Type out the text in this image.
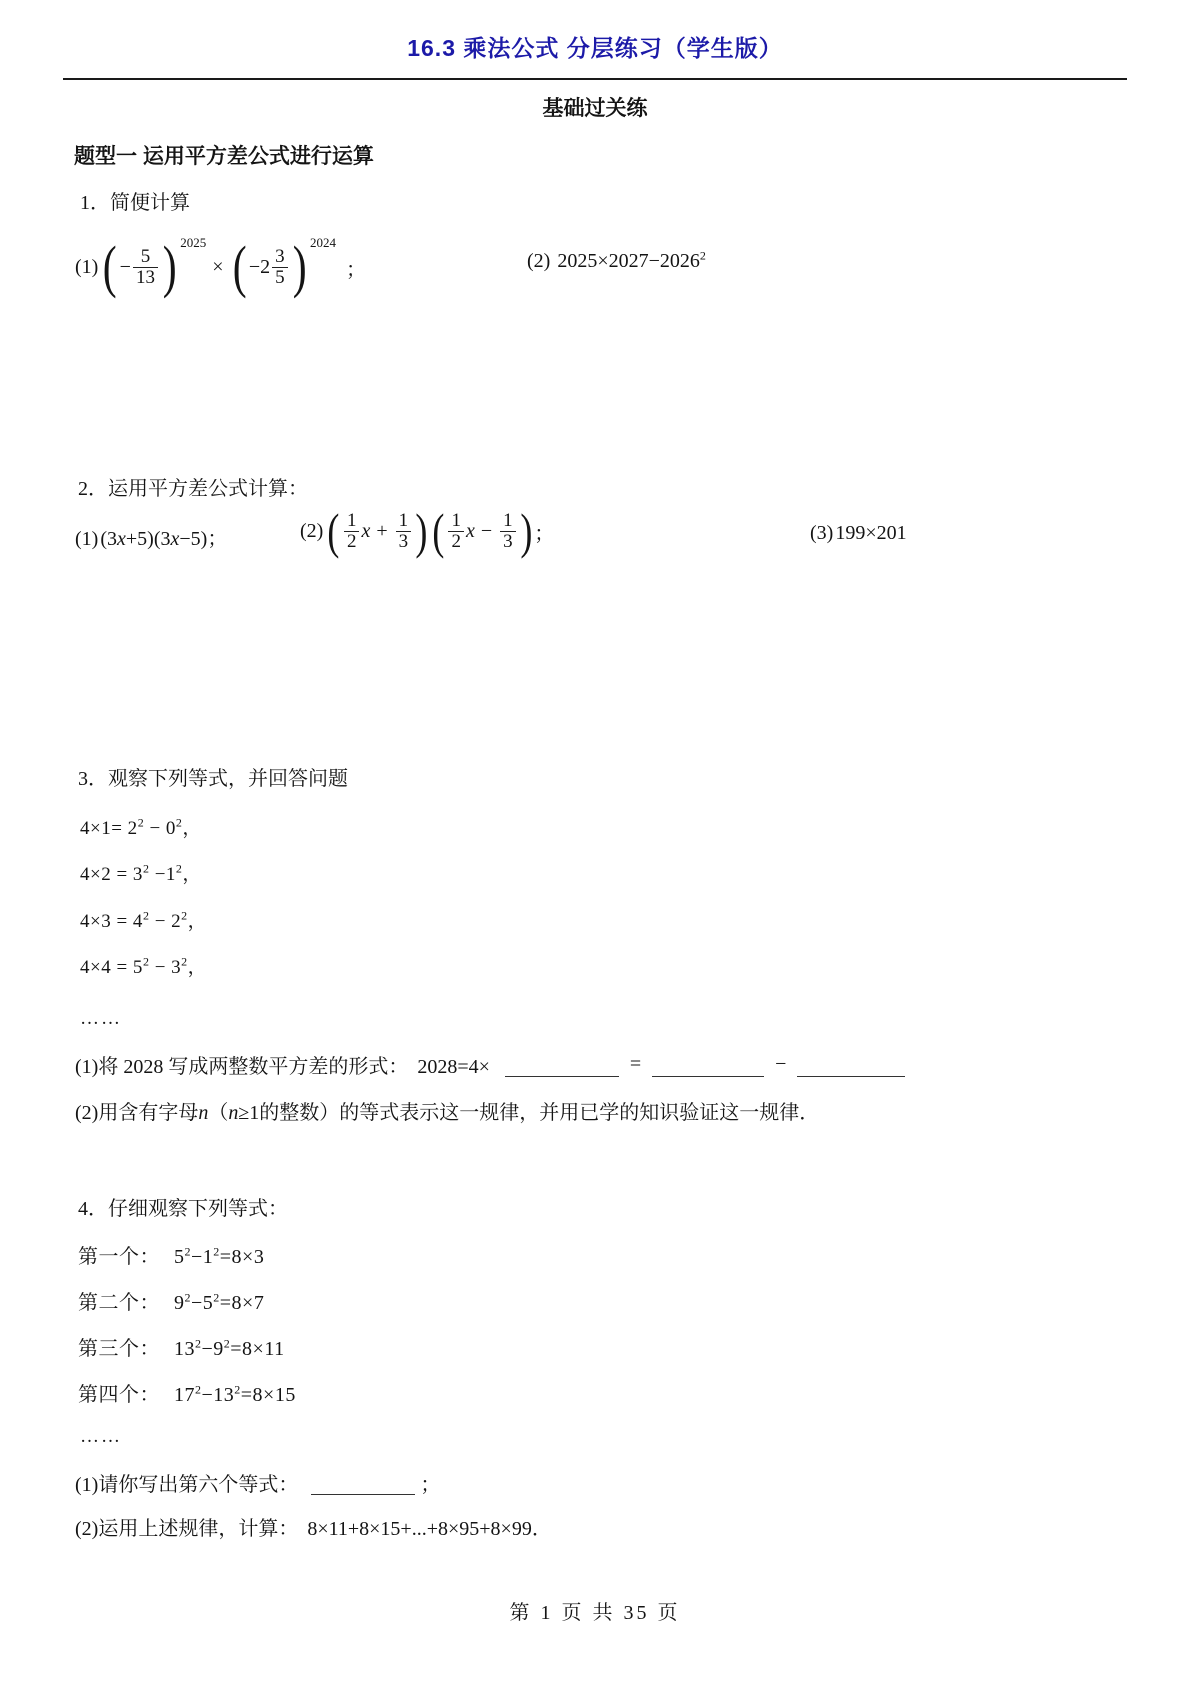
16.3 乘法公式 分层练习（学生版）
基础过关练
题型一 运用平方差公式进行运算
1．简便计算
(1) ( − $\frac{5}{13}$ ) 2025
× ( $-2 \frac{3}{5}$ ) 2024
；	(2) $2025\times 2027-2026^2$
2．运用平方差公式计算：
(1) (3x+5)(3x−5)；	(2) ( $\frac{1}{2}$ $x + \frac{1}{3}$ ) ( $\frac{1}{2}$ $x - \frac{1}{3}$ ) ；	(3) 199×201
3．观察下列等式，并回答问题
$4\times 1= 2^2 - 0^2$，
$4\times 2 = 3^2 -1^2$，
$4\times 3 = 4^2 - 2^2$，
$4\times 4 = 5^2 - 3^2$，
……
(1)将 2028 写成两整数平方差的形式： 2028=4×	=	−
(2)用含有字母n（n≥1的整数）的等式表示这一规律，并用已学的知识验证这一规律．
4．仔细观察下列等式：
第一个： $5^2-1^2=8\times 3$
第二个： $9^2-5^2=8\times 7$
第三个： $13^2-9^2=8\times 11$
第四个： $17^2-13^2=8\times 15$
……
(1)请你写出第六个等式：	；
(2)运用上述规律，计算： 8×11+8×15+...+8×95+8×99．
第 1 页 共 35 页
